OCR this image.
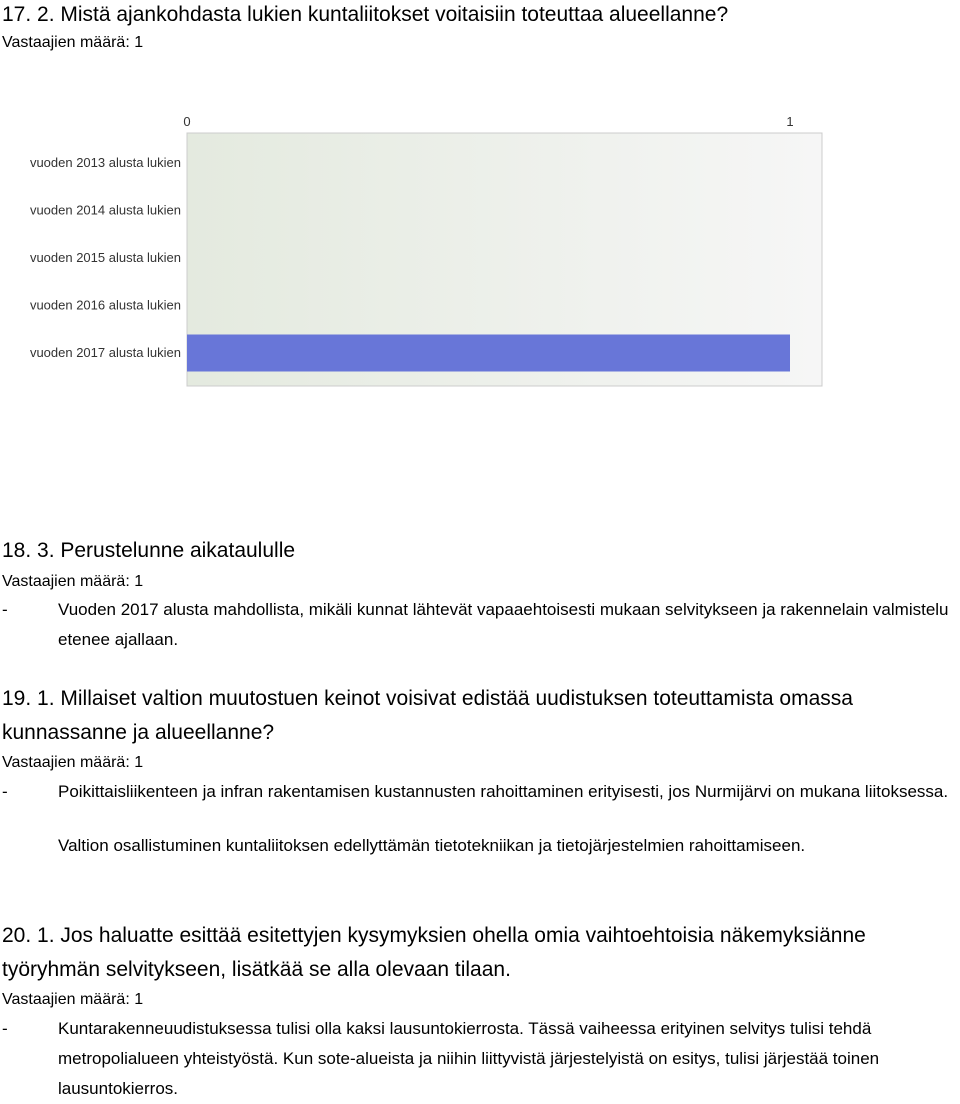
17. 2. Mistä ajankohdasta lukien kuntaliitokset voitaisiin toteuttaa alueellanne?
Vastaajien määrä: 1
0	1
vuoden 2013 alusta lukien
vuoden 2014 alusta lukien
vuoden 2015 alusta lukien
vuoden 2016 alusta lukien
vuoden 2017 alusta lukien
18. 3. Perustelunne aikataululle
Vastaajien määrä: 1
-	Vuoden 2017 alusta mahdollista, mikäli kunnat lähtevät vapaaehtoisesti mukaan selvitykseen ja rakennelain valmistelu etenee ajallaan.

19. 1. Millaiset valtion muutostuen keinot voisivat edistää uudistuksen toteuttamista omassa
kunnassanne ja alueellanne?
Vastaajien määrä: 1
-	Poikittaisliikenteen ja infran rakentamisen kustannusten rahoittaminen erityisesti, jos Nurmijärvi on mukana liitoksessa.

Valtion osallistuminen kuntaliitoksen edellyttämän tietotekniikan ja tietojärjestelmien rahoittamiseen.

20. 1. Jos haluatte esittää esitettyjen kysymyksien ohella omia vaihtoehtoisia näkemyksiänne
työryhmän selvitykseen, lisätkää se alla olevaan tilaan.
Vastaajien määrä: 1
-	Kuntarakenneuudistuksessa tulisi olla kaksi lausuntokierrosta. Tässä vaiheessa erityinen selvitys tulisi tehdä metropolialueen yhteistyöstä. Kun sote-alueista ja niihin liittyvistä järjestelyistä on esitys, tulisi järjestää toinen lausuntokierros.
